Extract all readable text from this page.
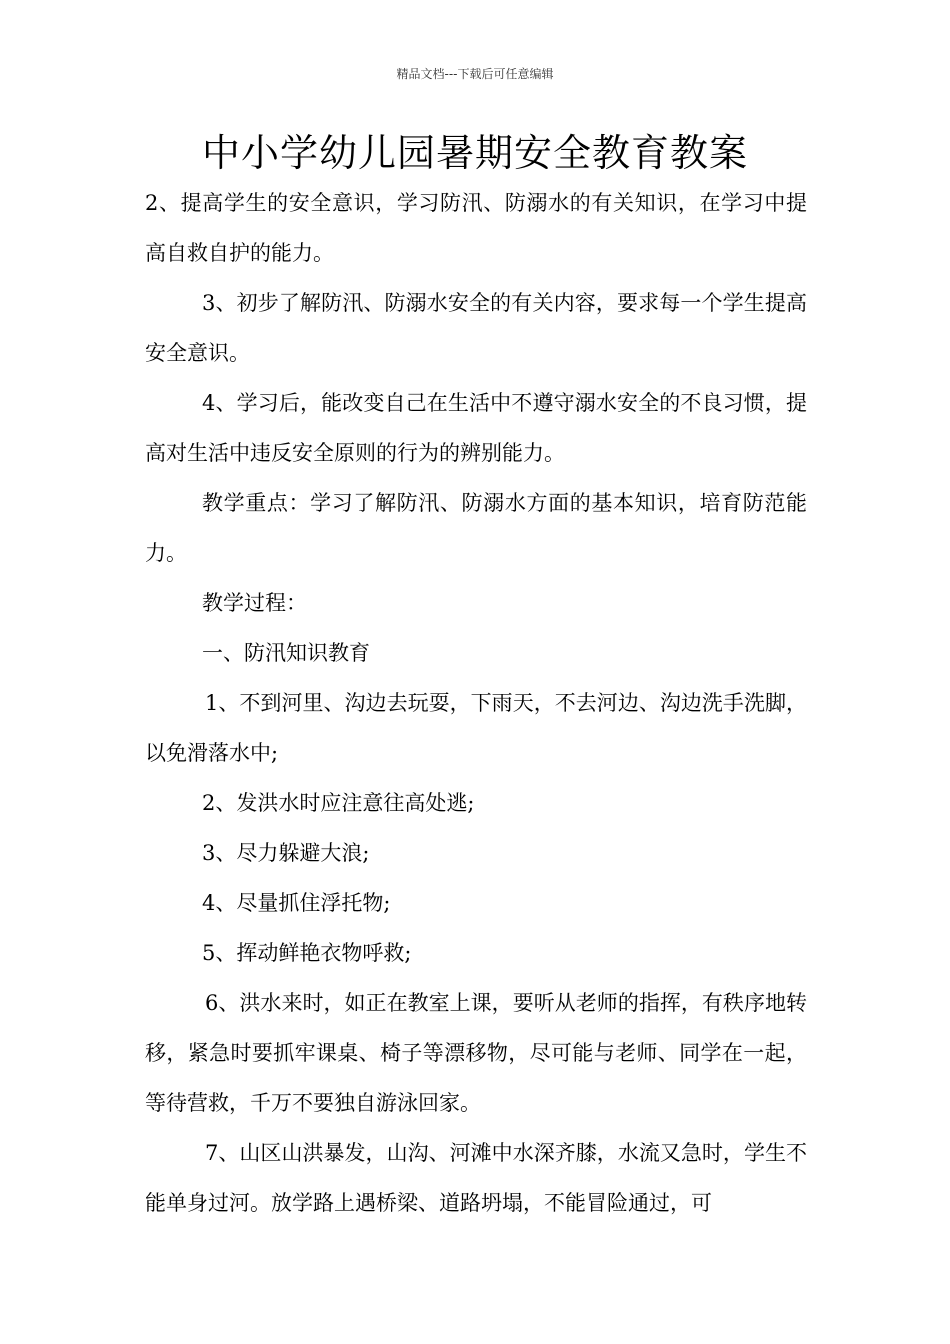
精品文档---下载后可任意编辑
中小学幼儿园暑期安全教育教案

2、提高学生的安全意识，学习防汛、防溺水的有关知识，在学习中提高自救自护的能力。

3、初步了解防汛、防溺水安全的有关内容，要求每一个学生提高安全意识。

4、学习后，能改变自己在生活中不遵守溺水安全的不良习惯，提高对生活中违反安全原则的行为的辨别能力。

教学重点：学习了解防汛、防溺水方面的基本知识，培育防范能力。

教学过程：

一、防汛知识教育

1、不到河里、沟边去玩耍，下雨天，不去河边、沟边洗手洗脚，以免滑落水中;

2、发洪水时应注意往高处逃;

3、尽力躲避大浪;

4、尽量抓住浮托物;

5、挥动鲜艳衣物呼救;

6、洪水来时，如正在教室上课，要听从老师的指挥，有秩序地转移，紧急时要抓牢课桌、椅子等漂移物，尽可能与老师、同学在一起，等待营救，千万不要独自游泳回家。

7、山区山洪暴发，山沟、河滩中水深齐膝，水流又急时，学生不能单身过河。放学路上遇桥梁、道路坍塌，不能冒险通过，可
